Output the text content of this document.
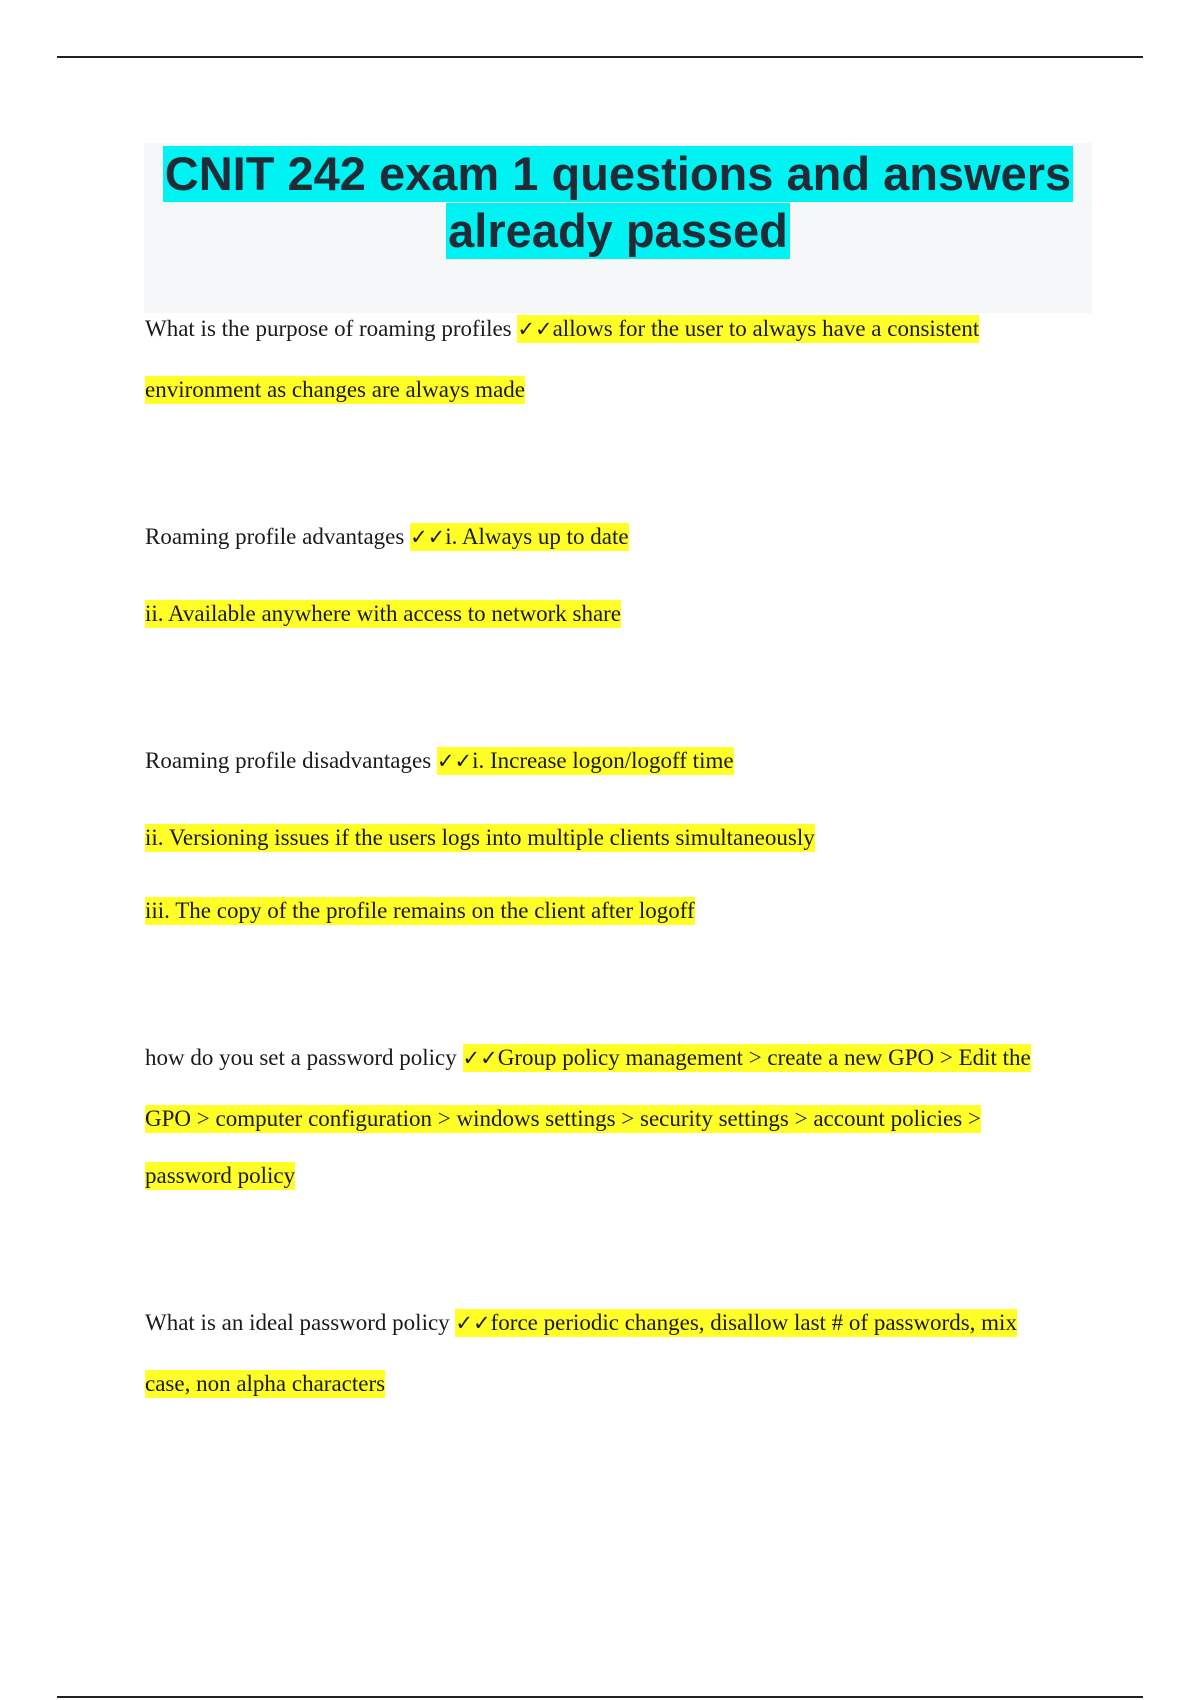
CNIT 242 exam 1 questions and answers
already passed
What is the purpose of roaming profiles ✓✓allows for the user to always have a consistent
environment as changes are always made
Roaming profile advantages ✓✓i. Always up to date
ii. Available anywhere with access to network share
Roaming profile disadvantages ✓✓i. Increase logon/logoff time
ii. Versioning issues if the users logs into multiple clients simultaneously
iii. The copy of the profile remains on the client after logoff
how do you set a password policy ✓✓Group policy management > create a new GPO > Edit the
GPO > computer configuration > windows settings > security settings > account policies >
password policy
What is an ideal password policy ✓✓force periodic changes, disallow last # of passwords, mix
case, non alpha characters
